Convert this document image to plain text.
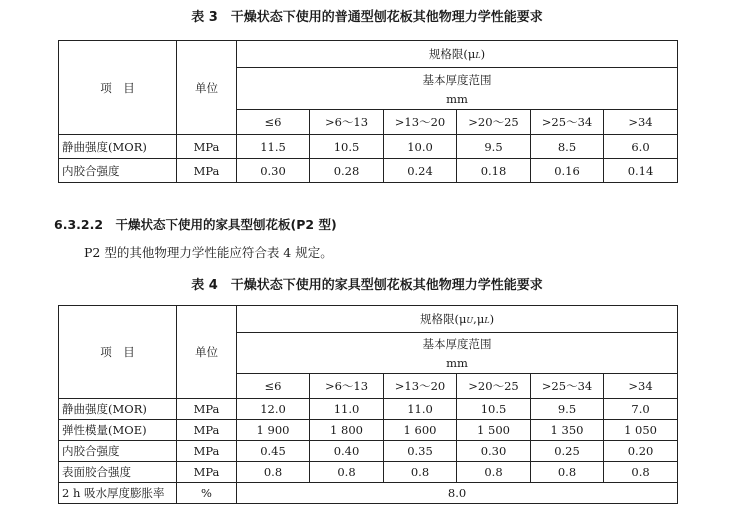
表 3　干燥状态下使用的普通型刨花板其他物理力学性能要求
项　目	单位	规格限(μL)					

		基本厚度范围
mm					

		≤6	>6～13	>13～20	>20～25	>25～34	>34
静曲强度(MOR)	MPa	11.5	10.5	10.0	9.5	8.5	6.0
内胶合强度	MPa	0.30	0.28	0.24	0.18	0.16	0.14
6.3.2.2　干燥状态下使用的家具型刨花板(P2 型)
P2 型的其他物理力学性能应符合表 4 规定。
表 4　干燥状态下使用的家具型刨花板其他物理力学性能要求
项　目	单位	规格限(μU,μL)					

		基本厚度范围
mm					

		≤6	>6～13	>13～20	>20～25	>25～34	>34
静曲强度(MOR)	MPa	12.0	11.0	11.0	10.5	9.5	7.0
弹性模量(MOE)	MPa	1 900	1 800	1 600	1 500	1 350	1 050
内胶合强度	MPa	0.45	0.40	0.35	0.30	0.25	0.20
表面胶合强度	MPa	0.8	0.8	0.8	0.8	0.8	0.8
2 h 吸水厚度膨胀率	%	8.0					
